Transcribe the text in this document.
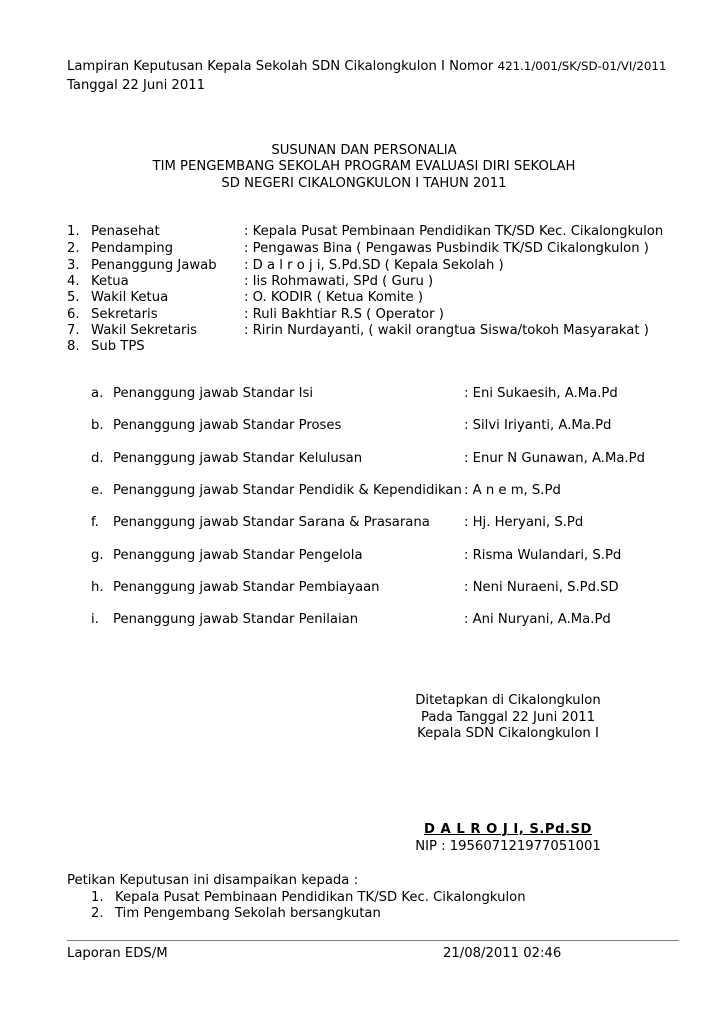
Lampiran Keputusan Kepala Sekolah SDN Cikalongkulon I Nomor 421.1/001/SK/SD-01/VI/2011
Tanggal 22 Juni 2011
SUSUNAN DAN PERSONALIA
TIM PENGEMBANG SEKOLAH PROGRAM EVALUASI DIRI SEKOLAH
SD NEGERI CIKALONGKULON I TAHUN 2011
1. Penasehat	: Kepala Pusat Pembinaan Pendidikan TK/SD Kec. Cikalongkulon
2. Pendamping	: Pengawas Bina ( Pengawas Pusbindik TK/SD Cikalongkulon )
3. Penanggung Jawab : D a l r o j i, S.Pd.SD ( Kepala Sekolah )
4. Ketua	: Iis Rohmawati, SPd ( Guru )
5. Wakil Ketua	: O. KODIR ( Ketua Komite )
6. Sekretaris	: Ruli Bakhtiar R.S ( Operator )
7. Wakil Sekretaris	: Ririn Nurdayanti, ( wakil orangtua Siswa/tokoh Masyarakat )
8. Sub TPS
a. Penanggung jawab Standar Isi	: Eni Sukaesih, A.Ma.Pd
b. Penanggung jawab Standar Proses	: Silvi Iriyanti, A.Ma.Pd
d. Penanggung jawab Standar Kelulusan	: Enur N Gunawan, A.Ma.Pd
e. Penanggung jawab Standar Pendidik & Kependidikan : A n e m, S.Pd
f. Penanggung jawab Standar Sarana & Prasarana	: Hj. Heryani, S.Pd
g. Penanggung jawab Standar Pengelola	: Risma Wulandari, S.Pd
h. Penanggung jawab Standar Pembiayaan	: Neni Nuraeni, S.Pd.SD
i. Penanggung jawab Standar Penilaian	: Ani Nuryani, A.Ma.Pd
Ditetapkan di Cikalongkulon
Pada Tanggal 22 Juni 2011
Kepala SDN Cikalongkulon I
D A L R O J I, S.Pd.SD
NIP : 195607121977051001
Petikan Keputusan ini disampaikan kepada :
1. Kepala Pusat Pembinaan Pendidikan TK/SD Kec. Cikalongkulon
2. Tim Pengembang Sekolah bersangkutan
Laporan EDS/M	21/08/2011 02:46
